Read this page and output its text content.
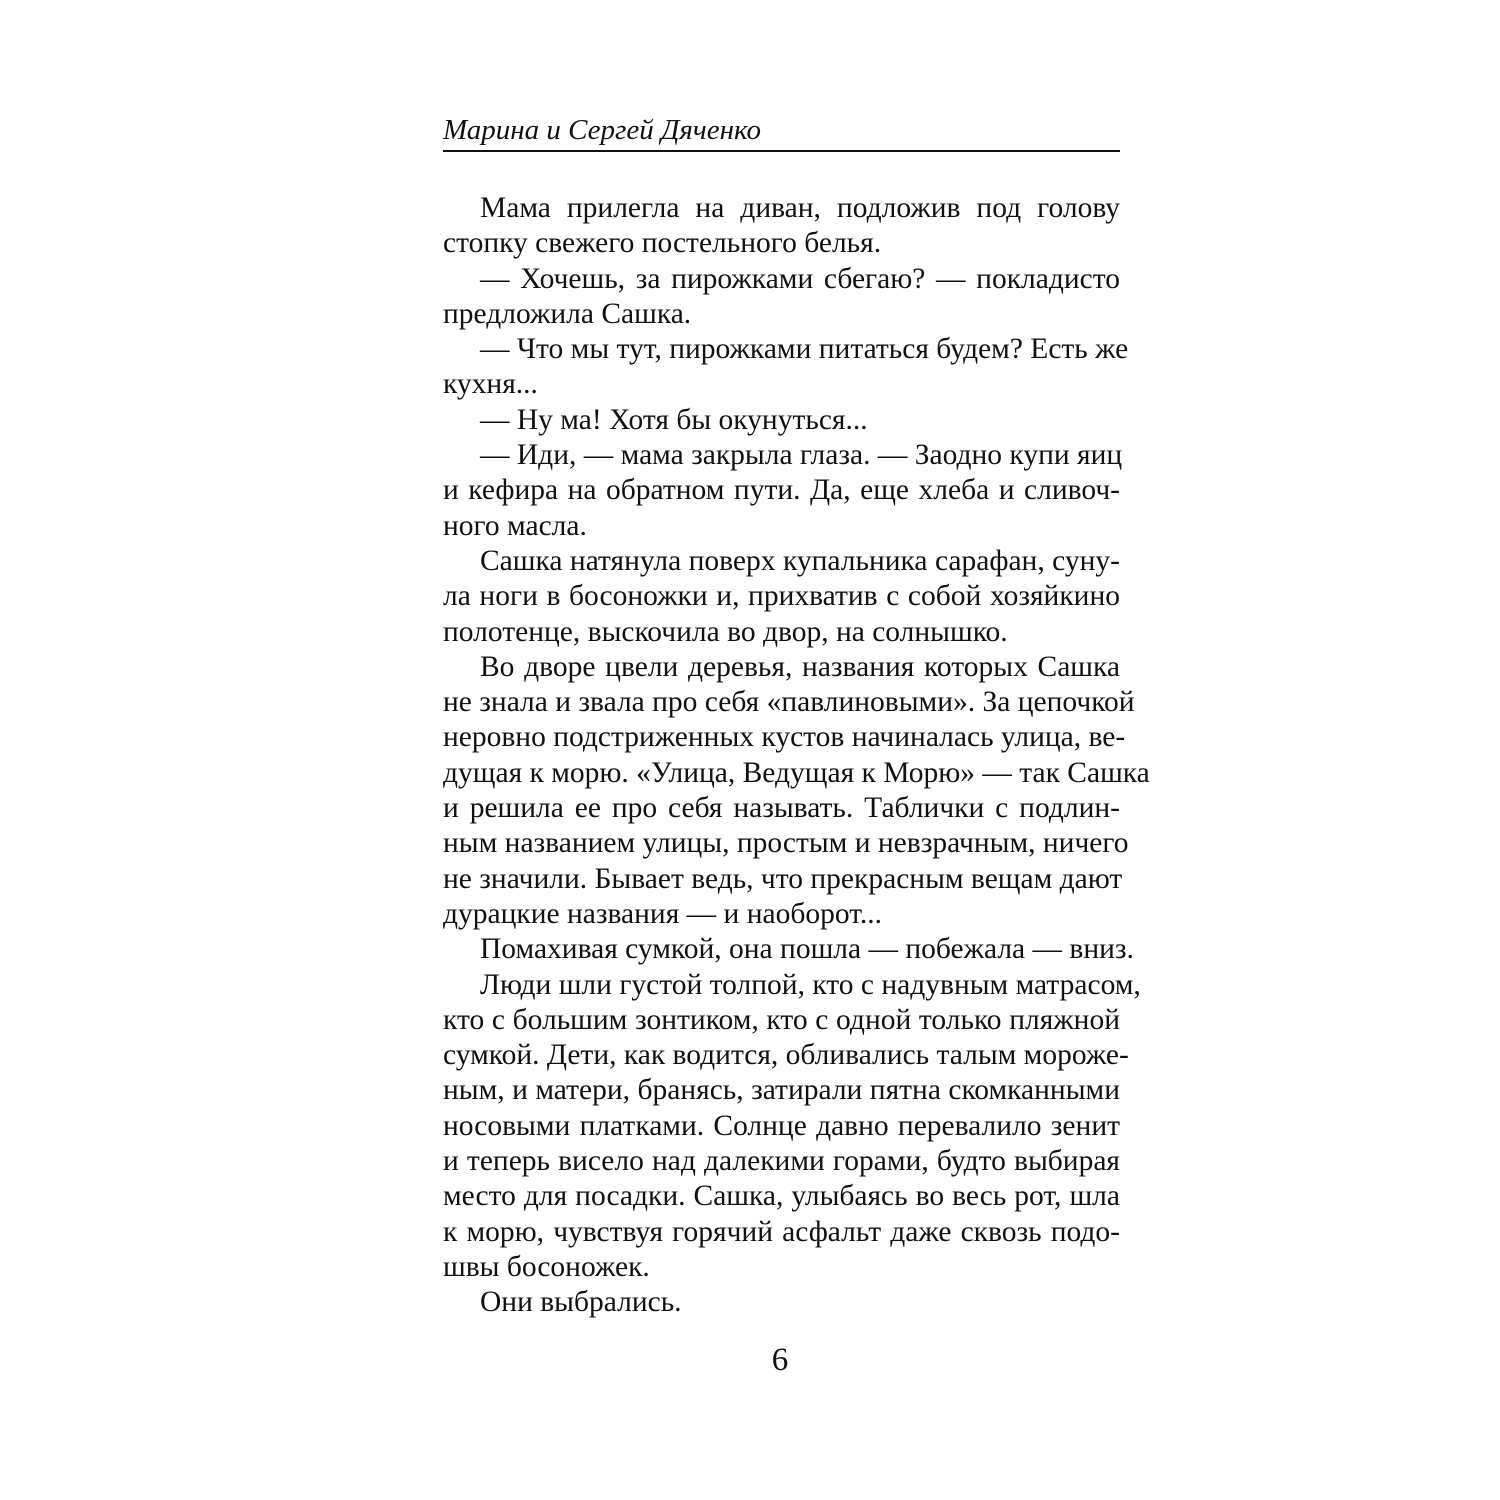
Марина и Сергей Дяченко
Мама прилегла на диван, подложив под голову
стопку свежего постельного белья.
— Хочешь, за пирожками сбегаю? — покладисто
предложила Сашка.
— Что мы тут, пирожками питаться будем? Есть же
кухня...
— Ну ма! Хотя бы окунуться...
— Иди, — мама закрыла глаза. — Заодно купи яиц
и кефира на обратном пути. Да, еще хлеба и сливоч-
ного масла.
Сашка натянула поверх купальника сарафан, суну-
ла ноги в босоножки и, прихватив с собой хозяйкино
полотенце, выскочила во двор, на солнышко.
Во дворе цвели деревья, названия которых Сашка
не знала и звала про себя «павлиновыми». За цепочкой
неровно подстриженных кустов начиналась улица, ве-
дущая к морю. «Улица, Ведущая к Морю» — так Сашка
и решила ее про себя называть. Таблички с подлин-
ным названием улицы, простым и невзрачным, ничего
не значили. Бывает ведь, что прекрасным вещам дают
дурацкие названия — и наоборот...
Помахивая сумкой, она пошла — побежала — вниз.
Люди шли густой толпой, кто с надувным матрасом,
кто с большим зонтиком, кто с одной только пляжной
сумкой. Дети, как водится, обливались талым мороже-
ным, и матери, бранясь, затирали пятна скомканными
носовыми платками. Солнце давно перевалило зенит
и теперь висело над далекими горами, будто выбирая
место для посадки. Сашка, улыбаясь во весь рот, шла
к морю, чувствуя горячий асфальт даже сквозь подо-
швы босоножек.
Они выбрались.
6
